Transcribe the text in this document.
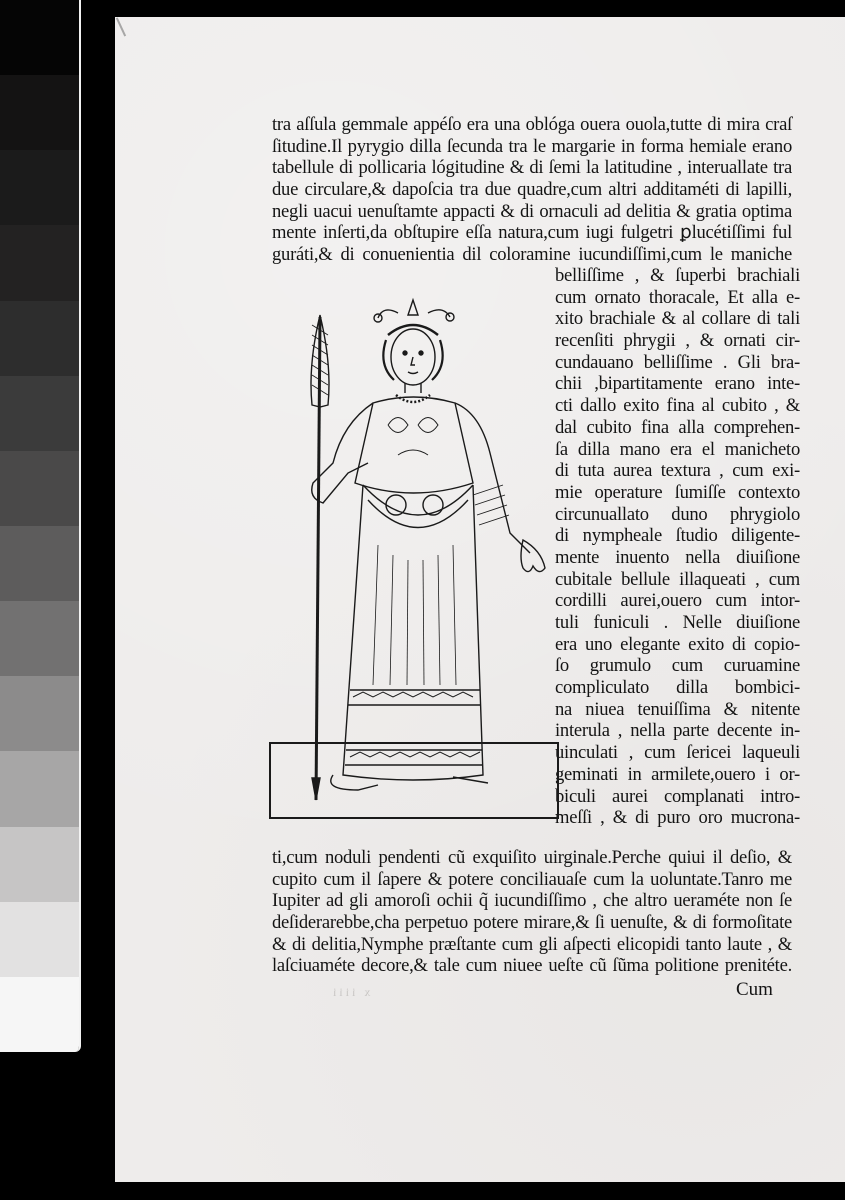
tra aſſula gemmale appéſo era una oblóga ouera ouola,tutte di mira craſ
ſitudine.Il pyrygio dilla ſecunda tra le margarie in forma hemiale erano
tabellule di pollicaria lógitudine & di ſemi la latitudine , interuallate tra
due circulare,& dapoſcia tra due quadre,cum altri additaméti di lapilli,
negli uacui uenuſtamte appacti & di ornaculi ad delitia & gratia optima
mente inſerti,da obſtupire eſſa natura,cum iugi fulgetri ꝑlucétiſſimi ful
guráti,& di conuenientia dil coloramine iucundiſſimi,cum le maniche
belliſſime , & ſuperbi brachiali
cum ornato thoracale, Et alla e-
xito brachiale & al collare di tali
recenſiti phrygii , & ornati cir-
cundauano belliſſime . Gli bra-
chii ,bipartitamente erano inte-
cti dallo exito fina al cubito , &
dal cubito fina alla comprehen-
ſa dilla mano era el manicheto
di tuta aurea textura , cum exi-
mie operature ſumiſſe contexto
circunuallato duno phrygiolo
di nympheale ſtudio diligente-
mente inuento nella diuiſione
cubitale bellule illaqueati , cum
cordilli aurei,ouero cum intor-
tuli funiculi . Nelle diuiſione
era uno elegante exito di copio-
ſo grumulo cum curuamine
compliculato dilla bombici-
na niuea tenuiſſima & nitente
interula , nella parte decente in-
uinculati , cum ſericei laqueuli
geminati in armilete,ouero i or-
biculi aurei complanati intro-
meſſi , & di puro oro mucrona-
ti,cum noduli pendenti cũ exquiſito uirginale.Perche quiui il deſio, &
cupito cum il ſapere & potere conciliauaſe cum la uoluntate.Tanro me
Iupiter ad gli amoroſi ochii q̃ iucundiſſimo , che altro ueraméte non ſe
deſiderarebbe,cha perpetuo potere mirare,& ſi uenuſte, & di formoſitate
& di delitia,Nymphe præſtante cum gli aſpecti elicopidi tanto laute , &
laſciuaméte decore,& tale cum niuee ueſte cũ ſũma politione prenitéte.
Cum
x iiii
